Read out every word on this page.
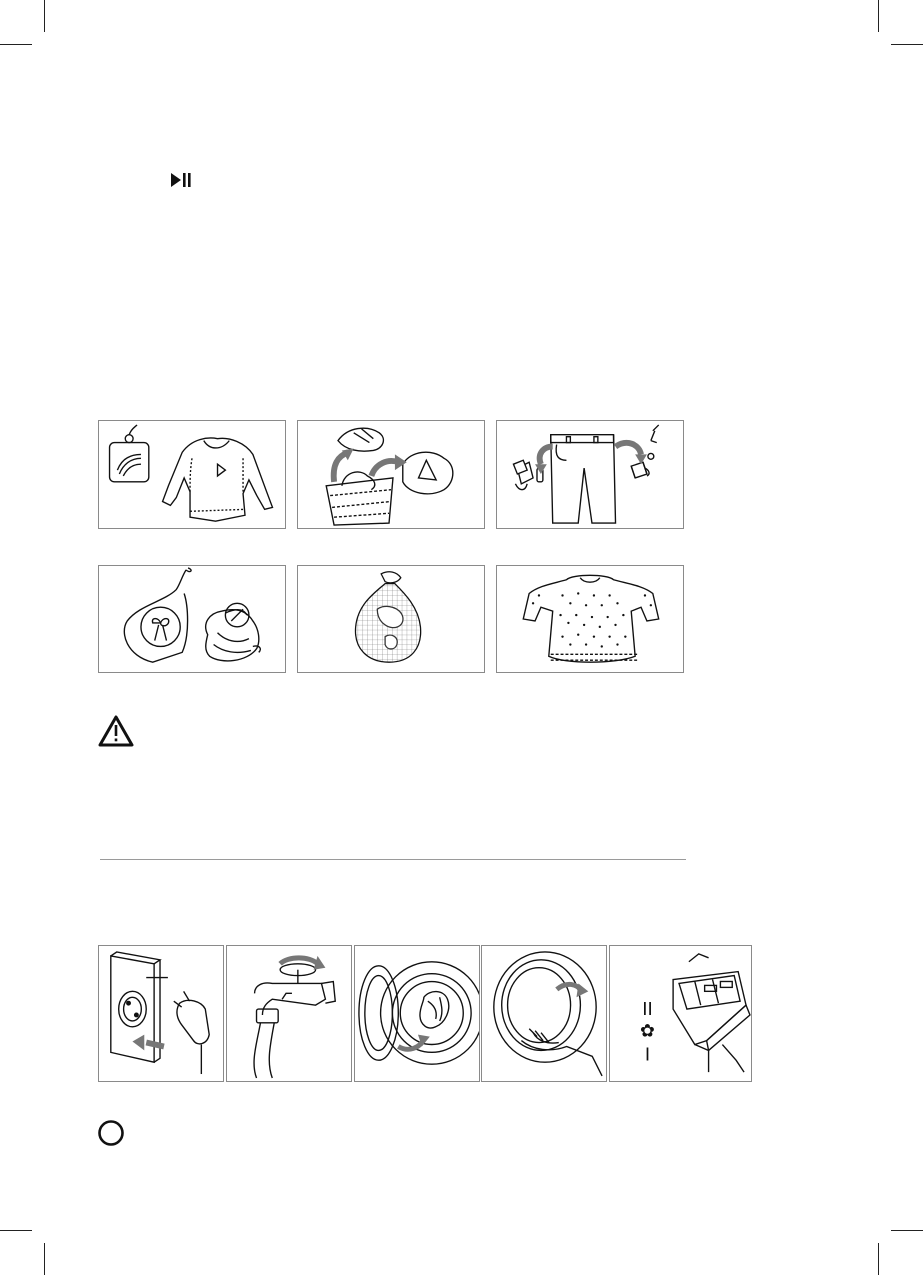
II
✿
I
